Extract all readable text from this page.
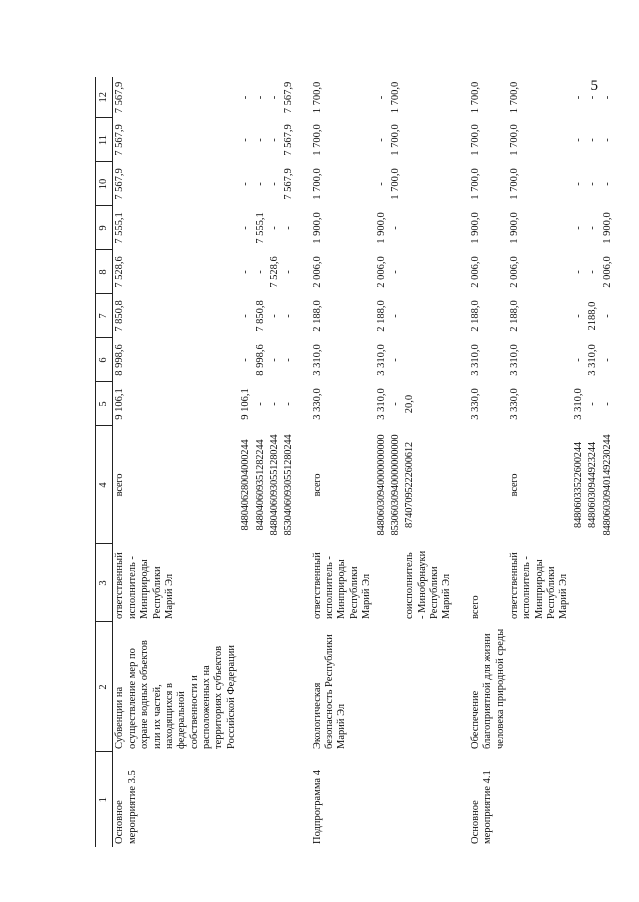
5
1	2	3	4	5	6	7	8	9	10	11	12
Основное мероприятие 3.5	Субвенции на осуществление мер по охране водных объектов или их частей, находящихся в федеральной собственности и расположенных на территориях субъектов Российской Федерации	ответственный исполнитель - Минприроды Республики Марий Эл	всего	9 106,1	8 998,6	7 850,8	7 528,6	7 555,1	7 567,9	7 567,9	7 567,9
			848040628004000244	9 106,1	-	-	-	-	-	-	-
			848040609351282244	-	8 998,6	7 850,8	-	7 555,1	-	-	-
			8480406093055128024​4	-	-	-	7 528,6	-	-	-	-
			8530406093055128024​4	-	-	-	-	-	7 567,9	7 567,9	7 567,9

Подпрограмма 4	Экологическая безопасность Республики Марий Эл	ответственный исполнитель - Минприроды Республики Марий Эл	всего	3 330,0	3 310,0	2 188,0	2 006,0	1 900,0	1 700,0	1 700,0	1 700,0
			84806030940000000000	3 310,0	3 310,0	2 188,0	2 006,0	1 900,0	-	-	-
			85306030940000000000	-	-	-	-	-	1 700,0	1 700,0	1 700,0
		соисполнитель - Минобрнауки Республики Марий Эл	874070952226​00612	20,0							

Основное мероприятие 4.1	Обеспечение благоприятной для жизни человека природной среды	всего		3 330,0	3 310,0	2 188,0	2 006,0	1 900,0	1 700,0	1 700,0	1 700,0
		ответственный исполнитель - Минприроды Республики Марий Эл	всего	3 330,0	3 310,0	2 188,0	2 006,0	1 900,0	1 700,0	1 700,0	1 700,0
			84806033522600244	3 310,0	-	-	-	-	-	-	-
			84806030944923244	-	3 310,0	2188,0	-	-	-	-	-
			84806030940149230244	-	-	-	2 006,0	1 900,0	-	-	-
